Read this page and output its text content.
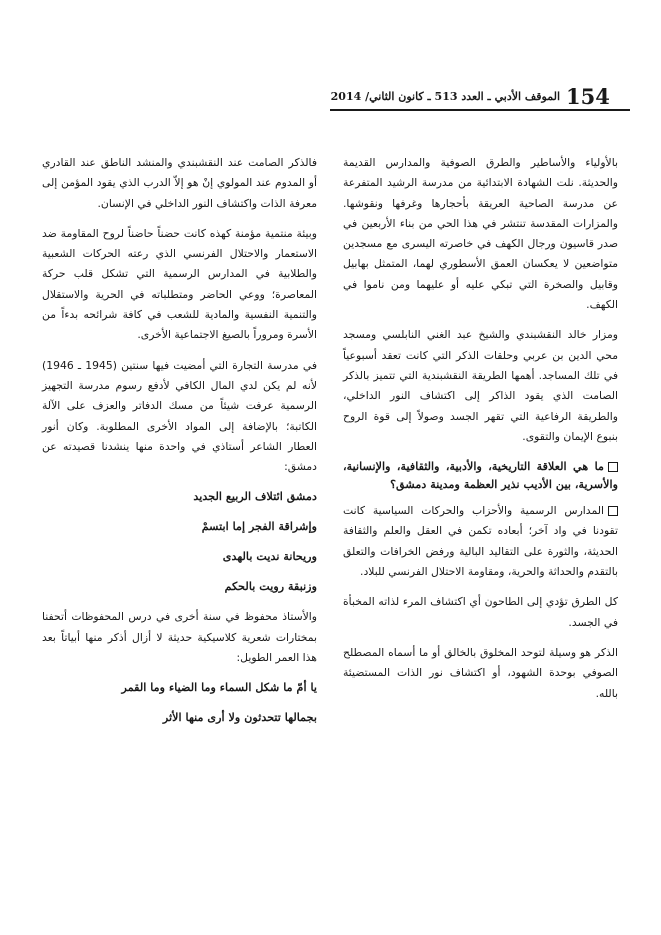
154
الموقف الأدبي ـ العدد 513 ـ كانون الثاني/ 2014

بالأولياء والأساطير والطرق الصوفية والمدارس القديمة والحديثة. نلت الشهادة الابتدائية من مدرسة الرشيد المتفرعة عن مدرسة الصاحية العريقة بأحجارها وغرفها ونقوشها. والمزارات المقدسة تنتشر في هذا الحي من بناء الأربعين في صدر قاسيون ورجال الكهف في خاصرته اليسرى مع مسجدين متواضعين لا يعكسان العمق الأسطوري لهما، المتمثل بهابيل وقابيل والصخرة التي تبكي عليه أو عليهما ومن ناموا في الكهف.

ومزار خالد النقشبندي والشيخ عبد الغني النابلسي ومسجد محي الدين بن عربي وحلقات الذكر التي كانت تعقد أسبوعياً في تلك المساجد. أهمها الطريقة النقشبندية التي تتميز بالذكر الصامت الذي يقود الذاكر إلى اكتشاف النور الداخلي، والطريقة الرفاعية التي تقهر الجسد وصولاً إلى قوة الروح بنبوع الإيمان والتقوى.

ما هي العلاقة التاريخية، والأدبية، والثقافية، والإنسانية، والأسرية، بين الأديب نذير العظمة ومدينة دمشق؟

المدارس الرسمية والأحزاب والحركات السياسية كانت تقودنا في واد آخر؛ أبعاده تكمن في العقل والعلم والثقافة الحديثة، والثورة على التقاليد البالية ورفض الخرافات والتعلق بالتقدم والحداثة والحرية، ومقاومة الاحتلال الفرنسي للبلاد.

كل الطرق تؤدي إلى الطاحون أي اكتشاف المرء لذاته المخبأة في الجسد.

الذكر هو وسيلة لتوحد المخلوق بالخالق أو ما أسماه المصطلح الصوفي بوحدة الشهود، أو اكتشاف نور الذات المستضيئة بالله.

فالذكر الصامت عند النقشبندي والمنشد الناطق عند القادري أو المدوم عند المولوي إنْ هو إلاّ الدرب الذي يقود المؤمن إلى معرفة الذات واكتشاف النور الداخلي في الإنسان.

وبيئة منتمية مؤمنة كهذه كانت حضناً حاضناً لروح المقاومة ضد الاستعمار والاحتلال الفرنسي الذي رعته الحركات الشعبية والطلابية في المدارس الرسمية التي تشكل قلب حركة المعاصرة؛ ووعي الحاضر ومتطلباته في الحرية والاستقلال والتنمية النفسية والمادية للشعب في كافة شرائحه بدءاً من الأسرة ومروراً بالصيغ الاجتماعية الأخرى.

في مدرسة التجارة التي أمضيت فيها سنتين (1945 ـ 1946) لأنه لم يكن لدي المال الكافي لأدفع رسوم مدرسة التجهيز الرسمية عرفت شيئاً من مسك الدفاتر والعزف على الآلة الكاتبة؛ بالإضافة إلى المواد الأخرى المطلوبة. وكان أنور العطار الشاعر أستاذي في واحدة منها ينشدنا قصيدته عن دمشق:

دمشق ائتلاف الربيع الجديد
وإشراقة الفجر إما ابتسمْ
وريحانة نديت بالهدى
وزنبقة رويت بالحكم

والأستاذ محفوظ في سنة أخرى في درس المحفوظات أتحفنا بمختارات شعرية كلاسيكية حديثة لا أزال أذكر منها أبياتاً بعد هذا العمر الطويل:

يا أمّ ما شكل السماء وما الضياء وما القمر
بجمالها تتحدثون ولا أرى منها الأثر
